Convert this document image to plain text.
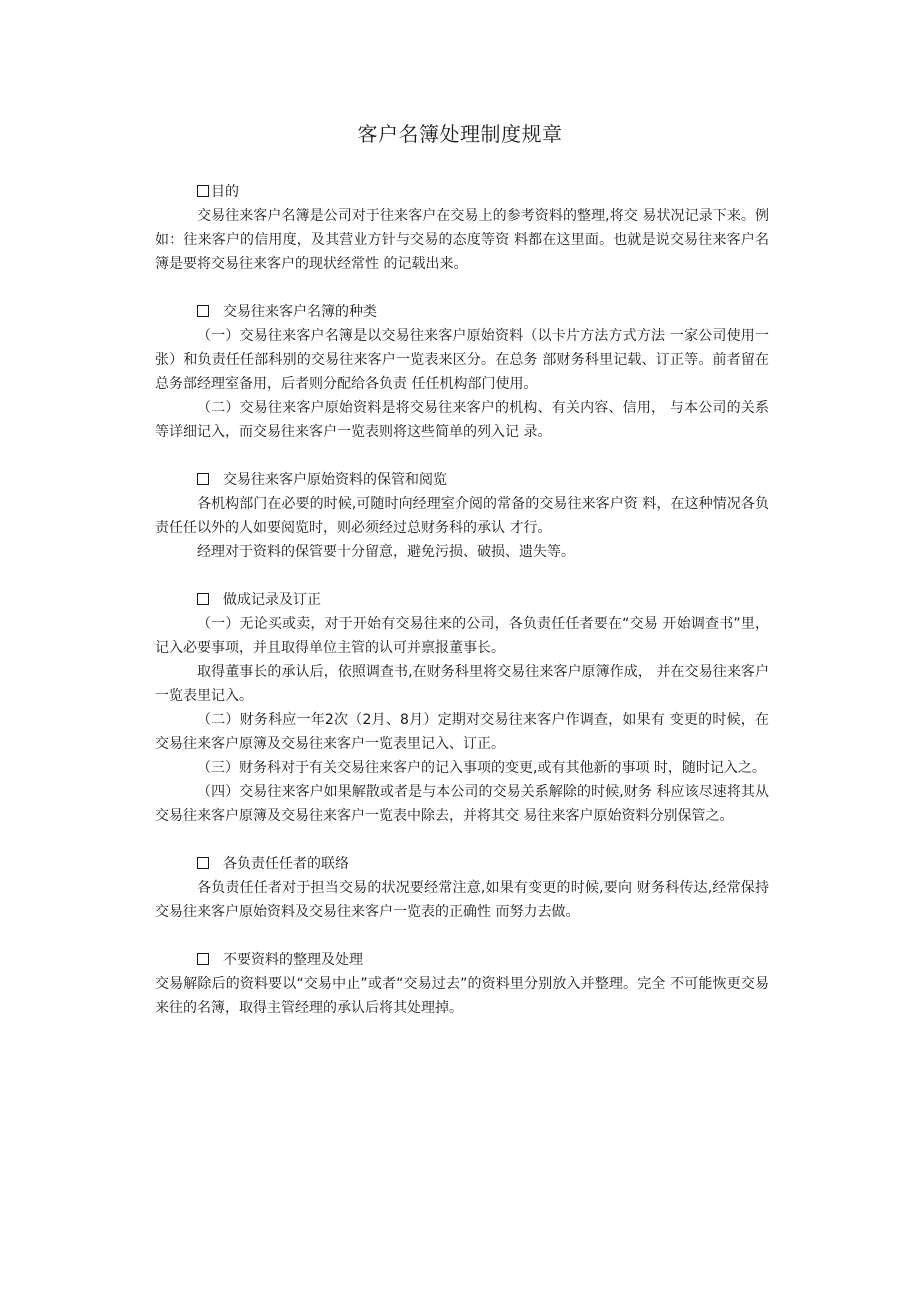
客户名簿处理制度规章

目的

交易往来客户名簿是公司对于往来客户在交易上的参考资料的整理,将交 易状况记录下来。例如：往来客户的信用度，及其营业方针与交易的态度等资 料都在这里面。也就是说交易往来客户名簿是要将交易往来客户的现状经常性 的记载出来。

交易往来客户名簿的种类

（一）交易往来客户名簿是以交易往来客户原始资料（以卡片方法方式方法 一家公司使用一张）和负责任任部科别的交易往来客户一览表来区分。在总务 部财务科里记载、订正等。前者留在总务部经理室备用，后者则分配给各负责 任任机构部门使用。

（二）交易往来客户原始资料是将交易往来客户的机构、有关内容、信用， 与本公司的关系等详细记入，而交易往来客户一览表则将这些简单的列入记 录。

交易往来客户原始资料的保管和阅览

各机构部门在必要的时候,可随时向经理室介阅的常备的交易往来客户资 料，在这种情况各负责任任以外的人如要阅览时，则必须经过总财务科的承认 才行。

经理对于资料的保管要十分留意，避免污损、破损、遗失等。

做成记录及订正

（一）无论买或卖，对于开始有交易往来的公司，各负责任任者要在“交易 开始调查书”里，记入必要事项，并且取得单位主管的认可并禀报董事长。

取得董事长的承认后，依照调查书,在财务科里将交易往来客户原簿作成， 并在交易往来客户一览表里记入。

（二）财务科应一年2次（2月、8月）定期对交易往来客户作调查，如果有 变更的时候，在交易往来客户原簿及交易往来客户一览表里记入、订正。

（三）财务科对于有关交易往来客户的记入事项的变更,或有其他新的事项 时，随时记入之。

（四）交易往来客户如果解散或者是与本公司的交易关系解除的时候,财务 科应该尽速将其从交易往来客户原簿及交易往来客户一览表中除去，并将其交 易往来客户原始资料分别保管之。

各负责任任者的联络

各负责任任者对于担当交易的状况要经常注意,如果有变更的时候,要向 财务科传达,经常保持交易往来客户原始资料及交易往来客户一览表的正确性 而努力去做。

不要资料的整理及处理

交易解除后的资料要以“交易中止”或者“交易过去”的资料里分别放入并整理。完全 不可能恢更交易来往的名簿，取得主管经理的承认后将其处理掉。
